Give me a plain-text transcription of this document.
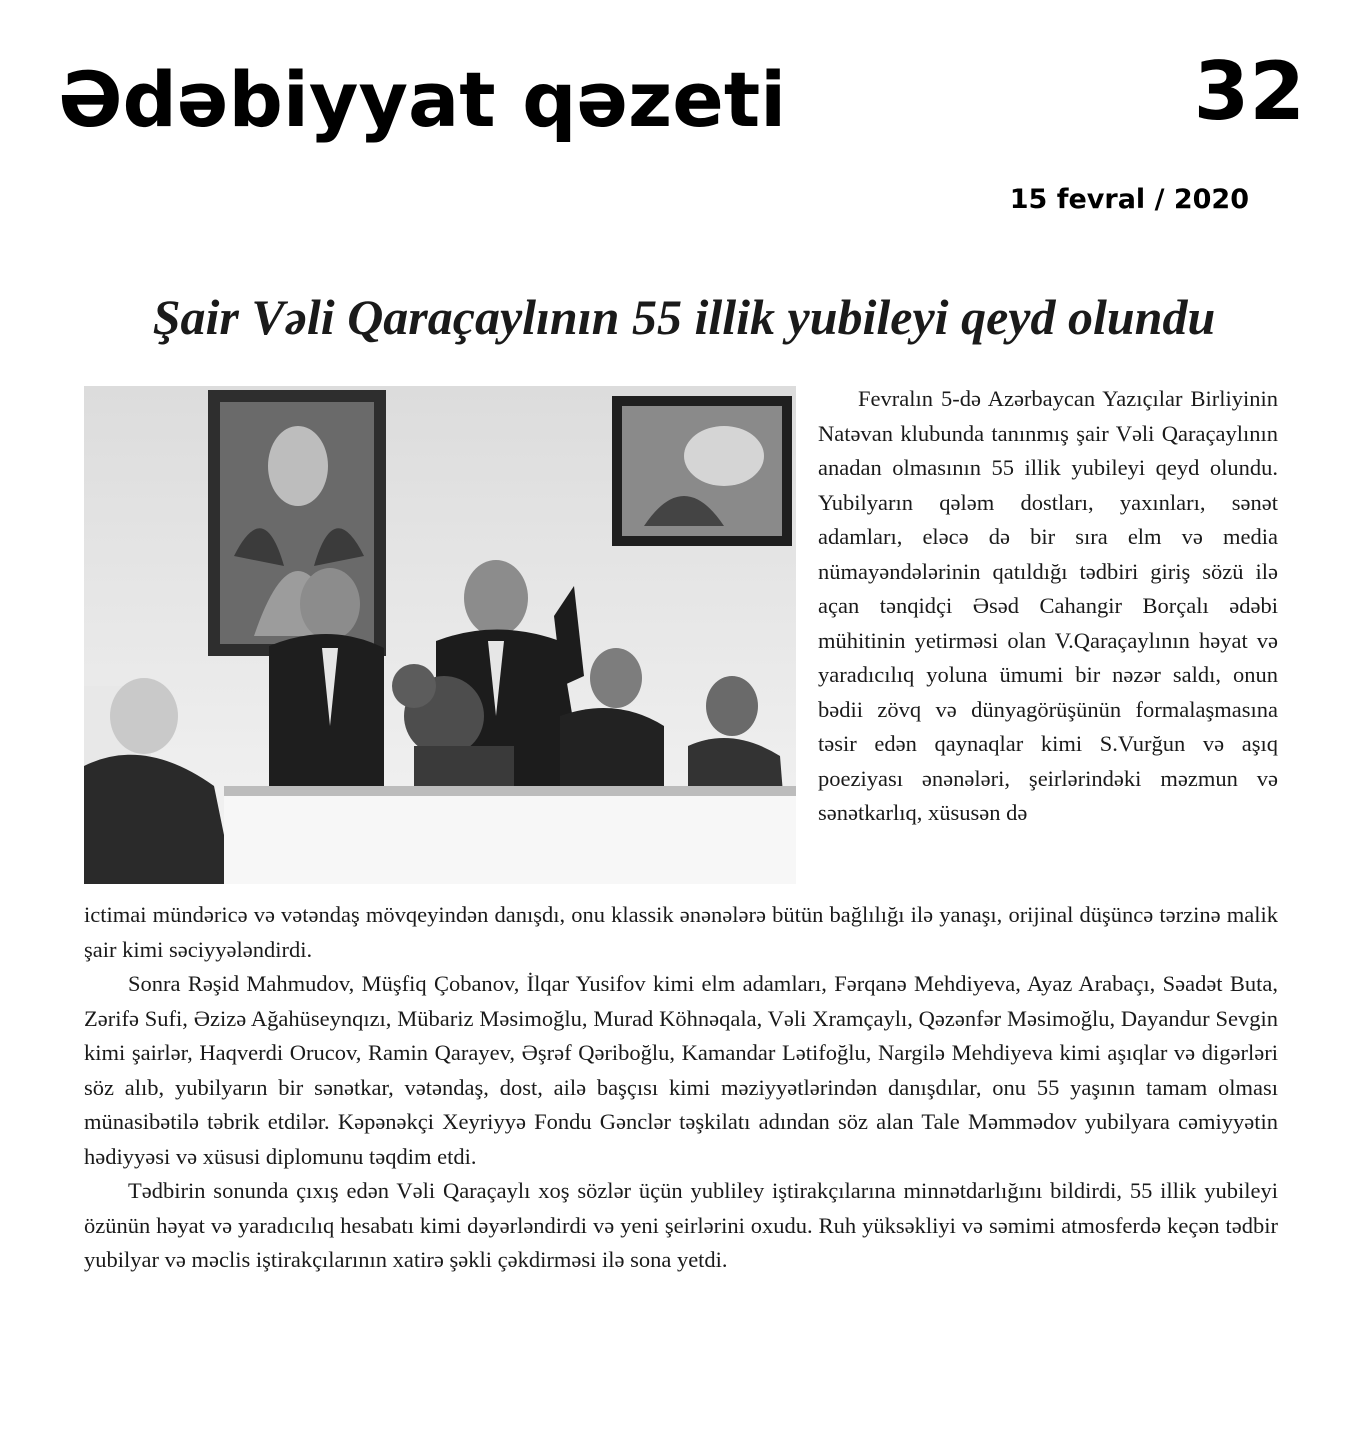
Ədəbiyyat qəzeti	32
15 fevral / 2020
Şair Vəli Qaraçaylının 55 illik yubileyi qeyd olundu

Fevralın 5-də Azərbaycan Yazıçılar Birliyinin Natəvan klubunda tanınmış şair Vəli Qaraçaylının anadan olmasının 55 illik yubileyi qeyd olundu. Yubilyarın qələm dostları, yaxınları, sənət adamları, eləcə də bir sıra elm və media nümayəndələrinin qatıldığı tədbiri giriş sözü ilə açan tənqidçi Əsəd Cahangir Borçalı ədəbi mühitinin yetirməsi olan V.Qaraçaylının həyat və yaradıcılıq yoluna ümumi bir nəzər saldı, onun bədii zövq və dünyagörüşünün formalaşmasına təsir edən qaynaqlar kimi S.Vurğun və aşıq poeziyası ənənələri, şeirlərindəki məzmun və sənətkarlıq, xüsusən də

ictimai mündəricə və vətəndaş mövqeyindən danışdı, onu klassik ənənələrə bütün bağlılığı ilə yanaşı, orijinal düşüncə tərzinə malik şair kimi səciyyələndirdi.

Sonra Rəşid Mahmudov, Müşfiq Çobanov, İlqar Yusifov kimi elm adamları, Fərqanə Mehdiyeva, Ayaz Arabaçı, Səadət Buta, Zərifə Sufi, Əzizə Ağahüseynqızı, Mübariz Məsimoğlu, Murad Köhnəqala, Vəli Xramçaylı, Qəzənfər Məsimoğlu, Dayandur Sevgin kimi şairlər, Haqverdi Orucov, Ramin Qarayev, Əşrəf Qəriboğlu, Kamandar Lətifoğlu, Nargilə Mehdiyeva kimi aşıqlar və digərləri söz alıb, yubilyarın bir sənətkar, vətəndaş, dost, ailə başçısı kimi məziyyətlərindən danışdılar, onu 55 yaşının tamam olması münasibətilə təbrik etdilər. Kəpənəkçi Xeyriyyə Fondu Gənclər təşkilatı adından söz alan Tale Məmmədov yubilyara cəmiyyətin hədiyyəsi və xüsusi diplomunu təqdim etdi.

Tədbirin sonunda çıxış edən Vəli Qaraçaylı xoş sözlər üçün yubliley iştirakçılarına minnətdarlığını bildirdi, 55 illik yubileyi özünün həyat və yaradıcılıq hesabatı kimi dəyərləndirdi və yeni şeirlərini oxudu. Ruh yüksəkliyi və səmimi atmosferdə keçən tədbir yubilyar və məclis iştirakçılarının xatirə şəkli çəkdirməsi ilə sona yetdi.
